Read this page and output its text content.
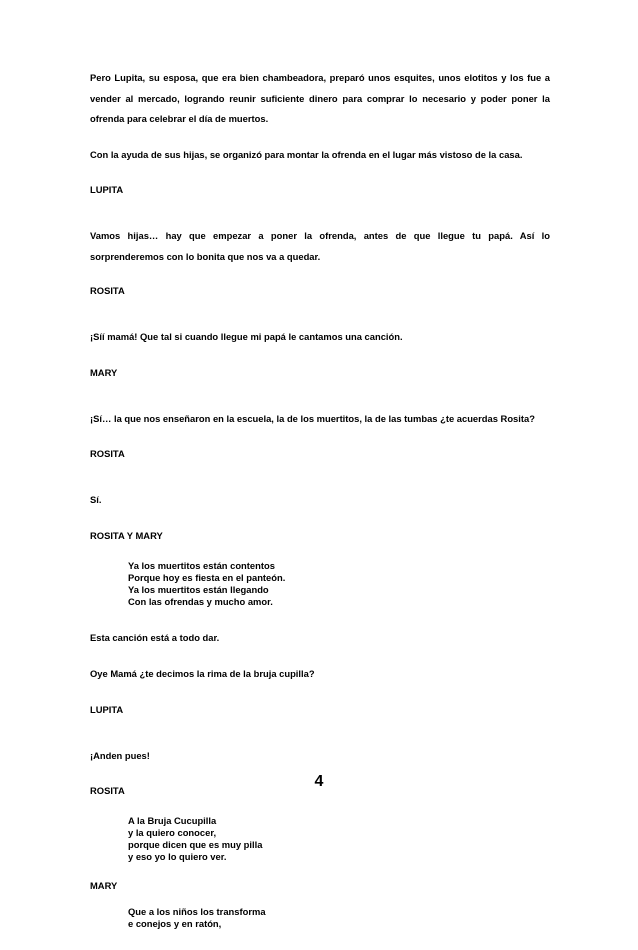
Pero Lupita, su esposa, que era bien chambeadora, preparó unos esquites, unos elotitos y los fue a vender al mercado, logrando reunir suficiente dinero para comprar lo necesario y poder poner la ofrenda para celebrar el día de muertos.

Con la ayuda de sus hijas, se organizó para montar la ofrenda en el lugar más vistoso de la casa.

LUPITA

Vamos hijas… hay que empezar a poner la ofrenda, antes de que llegue tu papá. Así lo sorprenderemos con lo bonita que nos va a quedar.

ROSITA

¡Síí mamá! Que tal si cuando llegue mi papá le cantamos una canción.

MARY

¡Sí… la que nos enseñaron en la escuela, la de los muertitos, la de las tumbas ¿te acuerdas Rosita?

ROSITA

Sí.

ROSITA Y MARY
Ya los muertitos están contentos
Porque hoy es fiesta en el panteón.
Ya los muertitos están llegando
Con las ofrendas y mucho amor.

Esta canción está a todo dar.

Oye Mamá ¿te decimos la rima de la bruja cupilla?

LUPITA

¡Anden pues!

ROSITA
A la Bruja Cucupilla
y la quiero conocer,
porque dicen que es muy pilla
y eso yo lo quiero ver.
MARY
Que a los niños los transforma
e conejos y en ratón,
4
